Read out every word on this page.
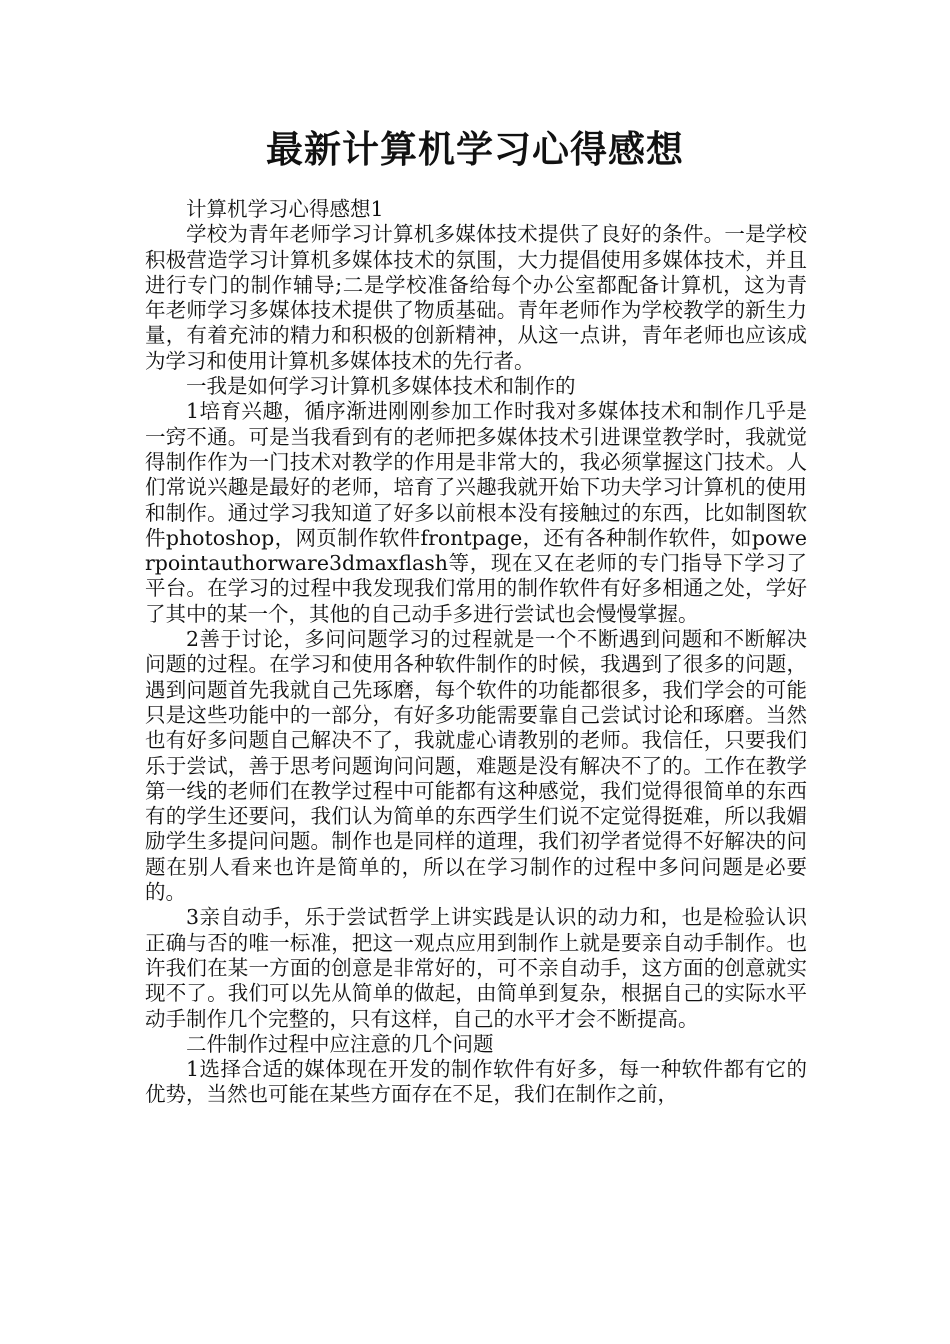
最新计算机学习心得感想

计算机学习心得感想1

学校为青年老师学习计算机多媒体技术提供了良好的条件。一是学校积极营造学习计算机多媒体技术的氛围，大力提倡使用多媒体技术，并且进行专门的制作辅导;二是学校准备给每个办公室都配备计算机，这为青年老师学习多媒体技术提供了物质基础。青年老师作为学校教学的新生力量，有着充沛的精力和积极的创新精神，从这一点讲，青年老师也应该成为学习和使用计算机多媒体技术的先行者。

一我是如何学习计算机多媒体技术和制作的

1培育兴趣，循序渐进刚刚参加工作时我对多媒体技术和制作几乎是一窍不通。可是当我看到有的老师把多媒体技术引进课堂教学时，我就觉得制作作为一门技术对教学的作用是非常大的，我必须掌握这门技术。人们常说兴趣是最好的老师，培育了兴趣我就开始下功夫学习计算机的使用和制作。通过学习我知道了好多以前根本没有接触过的东西，比如制图软件photoshop，网页制作软件frontpage，还有各种制作软件，如powerpointauthorware3dmaxflash等，现在又在老师的专门指导下学习了平台。在学习的过程中我发现我们常用的制作软件有好多相通之处，学好了其中的某一个，其他的自己动手多进行尝试也会慢慢掌握。

2善于讨论，多问问题学习的过程就是一个不断遇到问题和不断解决问题的过程。在学习和使用各种软件制作的时候，我遇到了很多的问题，遇到问题首先我就自己先琢磨，每个软件的功能都很多，我们学会的可能只是这些功能中的一部分，有好多功能需要靠自己尝试讨论和琢磨。当然也有好多问题自己解决不了，我就虚心请教别的老师。我信任，只要我们乐于尝试，善于思考问题询问问题，难题是没有解决不了的。工作在教学第一线的老师们在教学过程中可能都有这种感觉，我们觉得很简单的东西有的学生还要问，我们认为简单的东西学生们说不定觉得挺难，所以我媚励学生多提问问题。制作也是同样的道理，我们初学者觉得不好解决的问题在别人看来也许是简单的，所以在学习制作的过程中多问问题是必要的。

3亲自动手，乐于尝试哲学上讲实践是认识的动力和，也是检验认识正确与否的唯一标准，把这一观点应用到制作上就是要亲自动手制作。也许我们在某一方面的创意是非常好的，可不亲自动手，这方面的创意就实现不了。我们可以先从简单的做起，由简单到复杂，根据自己的实际水平动手制作几个完整的，只有这样，自己的水平才会不断提高。

二件制作过程中应注意的几个问题

1选择合适的媒体现在开发的制作软件有好多，每一种软件都有它的优势，当然也可能在某些方面存在不足，我们在制作之前，
